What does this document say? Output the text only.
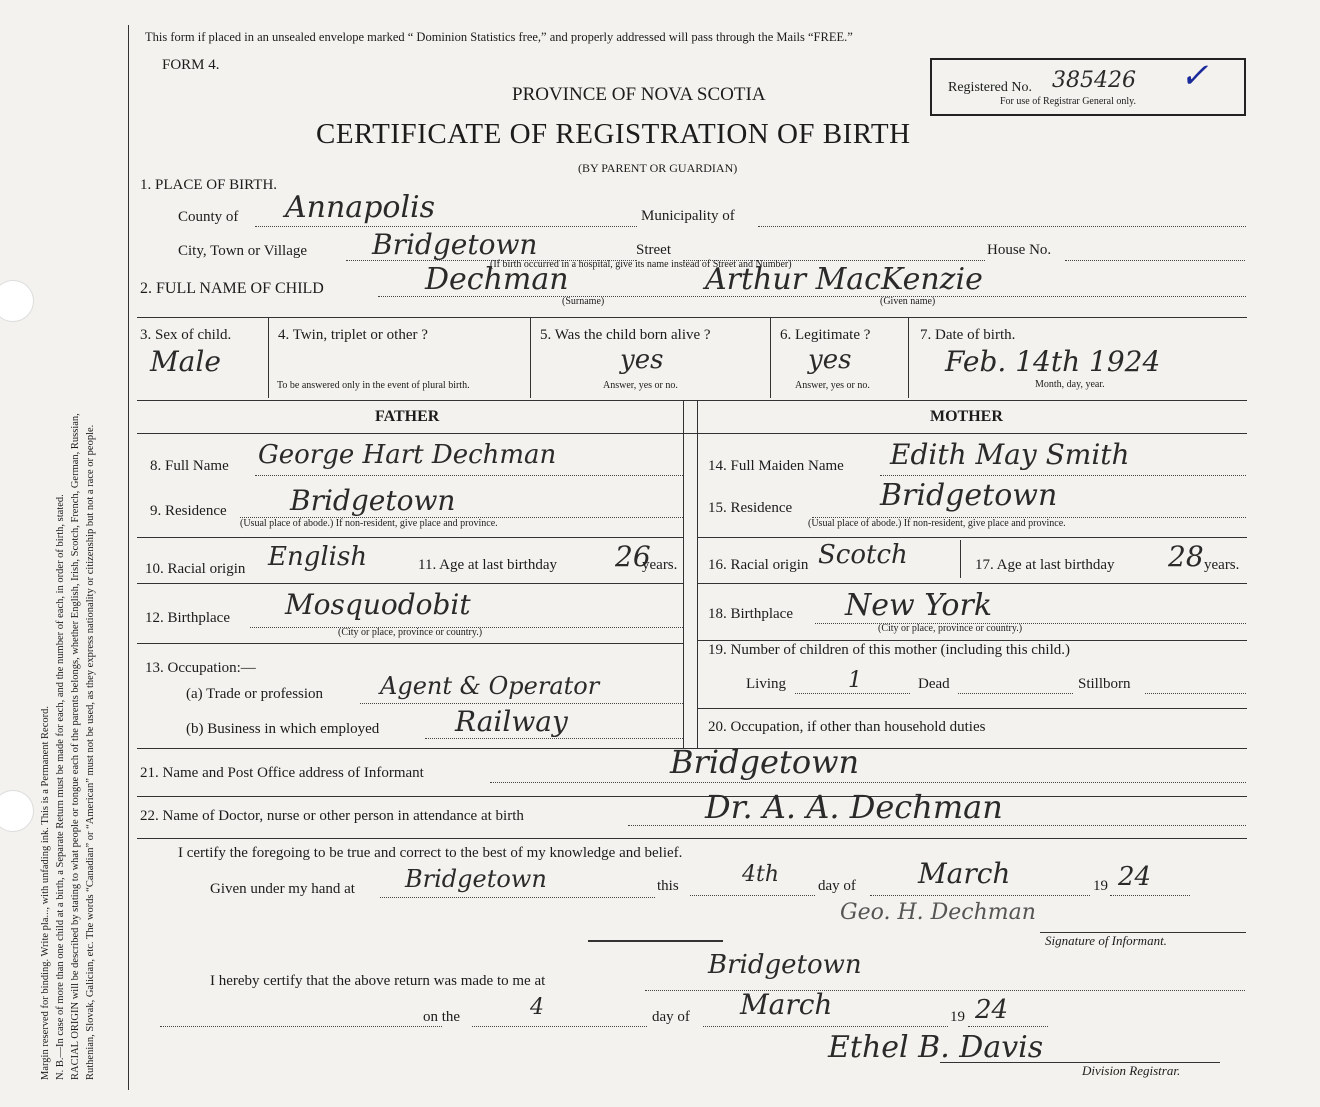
Margin reserved for binding. Write pla..., with unfading ink. This is a Permanent Record. N. B.—In case of more than one child at a birth, a Separate Return must be made for each, and the number of each, in order of birth, stated. RACIAL ORIGIN will be described by stating to what people or tongue each of the parents belongs, whether English, Irish, Scotch, French, German, Russian, Ruthenian, Slovak, Galician, etc. The words “Canadian” or “American” must not be used, as they express nationality or citizenship but not a race or people.
This form if placed in an unsealed envelope marked “ Dominion Statistics free,” and properly addressed will pass through the Mails “FREE.”
FORM 4.
PROVINCE OF NOVA SCOTIA
CERTIFICATE OF REGISTRATION OF BIRTH
(BY PARENT OR GUARDIAN)
Registered No. 385426
For use of Registrar General only.
✓
1. PLACE OF BIRTH.
County of Annapolis	Municipality of
City, Town or Village Bridgetown	Street	House No.
(If birth occurred in a hospital, give its name instead of Street and Number)
2. FULL NAME OF CHILD	Dechman	Arthur MacKenzie
(Surname)	(Given name)
3. Sex of child.
Male
4. Twin, triplet or other ?
To be answered only in the event of plural birth.
5. Was the child born alive ?
yes
Answer, yes or no.
6. Legitimate ?
yes
Answer, yes or no.
7. Date of birth.
Feb. 14th 1924
Month, day, year.
FATHER	MOTHER
8. Full Name George Hart Dechman
9. Residence Bridgetown
(Usual place of abode.) If non-resident, give place and province.
10. Racial origin English	11. Age at last birthday 26
years.
12. Birthplace Mosquodobit
(City or place, province or country.)
13. Occupation:—
(a) Trade or profession Agent & Operator
(b) Business in which employed	Railway
14. Full Maiden Name Edith May Smith
15. Residence	Bridgetown
(Usual place of abode.) If non-resident, give place and province.
16. Racial origin Scotch	17. Age at last birthday 28 years.
18. Birthplace New York
(City or place, province or country.)
19. Number of children of this mother (including this child.)
Living	1	Dead	Stillborn
20. Occupation, if other than household duties
21. Name and Post Office address of Informant	Bridgetown
22. Name of Doctor, nurse or other person in attendance at birth	Dr. A. A. Dechman
I certify the foregoing to be true and correct to the best of my knowledge and belief.
Given under my hand at Bridgetown	this	4th	day of March	19 24
Geo. H. Dechman
Signature of Informant.
I hereby certify that the above return was made to me at
Bridgetown
on the	4	day of March	19 24
Ethel B. Davis
Division Registrar.
